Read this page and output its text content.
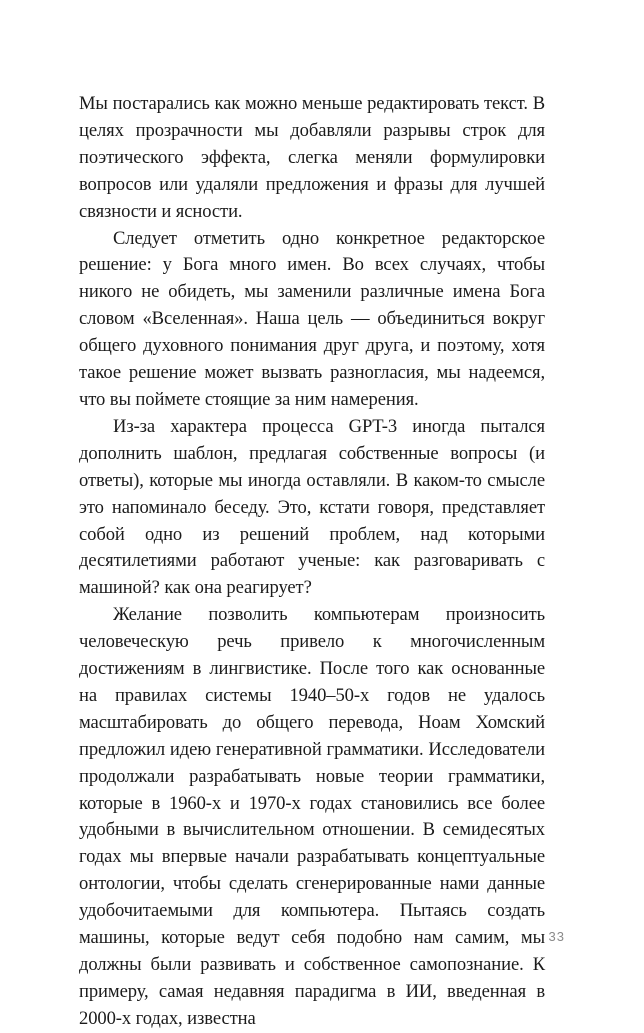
Мы постарались как можно меньше редактировать текст. В целях прозрачности мы добавляли разрывы строк для поэтического эффекта, слегка меняли формулировки вопросов или удаляли предложения и фразы для лучшей связности и ясности.

Следует отметить одно конкретное редакторское решение: у Бога много имен. Во всех случаях, чтобы никого не обидеть, мы заменили различные имена Бога словом «Вселенная». Наша цель — объединиться вокруг общего духовного понимания друг друга, и поэтому, хотя такое решение может вызвать разногласия, мы надеемся, что вы поймете стоящие за ним намерения.

Из-за характера процесса GPT-3 иногда пытался дополнить шаблон, предлагая собственные вопросы (и ответы), которые мы иногда оставляли. В каком-то смысле это напоминало беседу. Это, кстати говоря, представляет собой одно из решений проблем, над которыми десятилетиями работают ученые: как разговаривать с машиной? как она реагирует?

Желание позволить компьютерам произносить человеческую речь привело к многочисленным достижениям в лингвистике. После того как основанные на правилах системы 1940–50-х годов не удалось масштабировать до общего перевода, Ноам Хомский предложил идею генеративной грамматики. Исследователи продолжали разрабатывать новые теории грамматики, которые в 1960-х и 1970-х годах становились все более удобными в вычислительном отношении. В семидесятых годах мы впервые начали разрабатывать концептуальные онтологии, чтобы сделать сгенерированные нами данные удобочитаемыми для компьютера. Пытаясь создать машины, которые ведут себя подобно нам самим, мы должны были развивать и собственное самопознание. К примеру, самая недавняя парадигма в ИИ, введенная в 2000-х годах, известна

33
